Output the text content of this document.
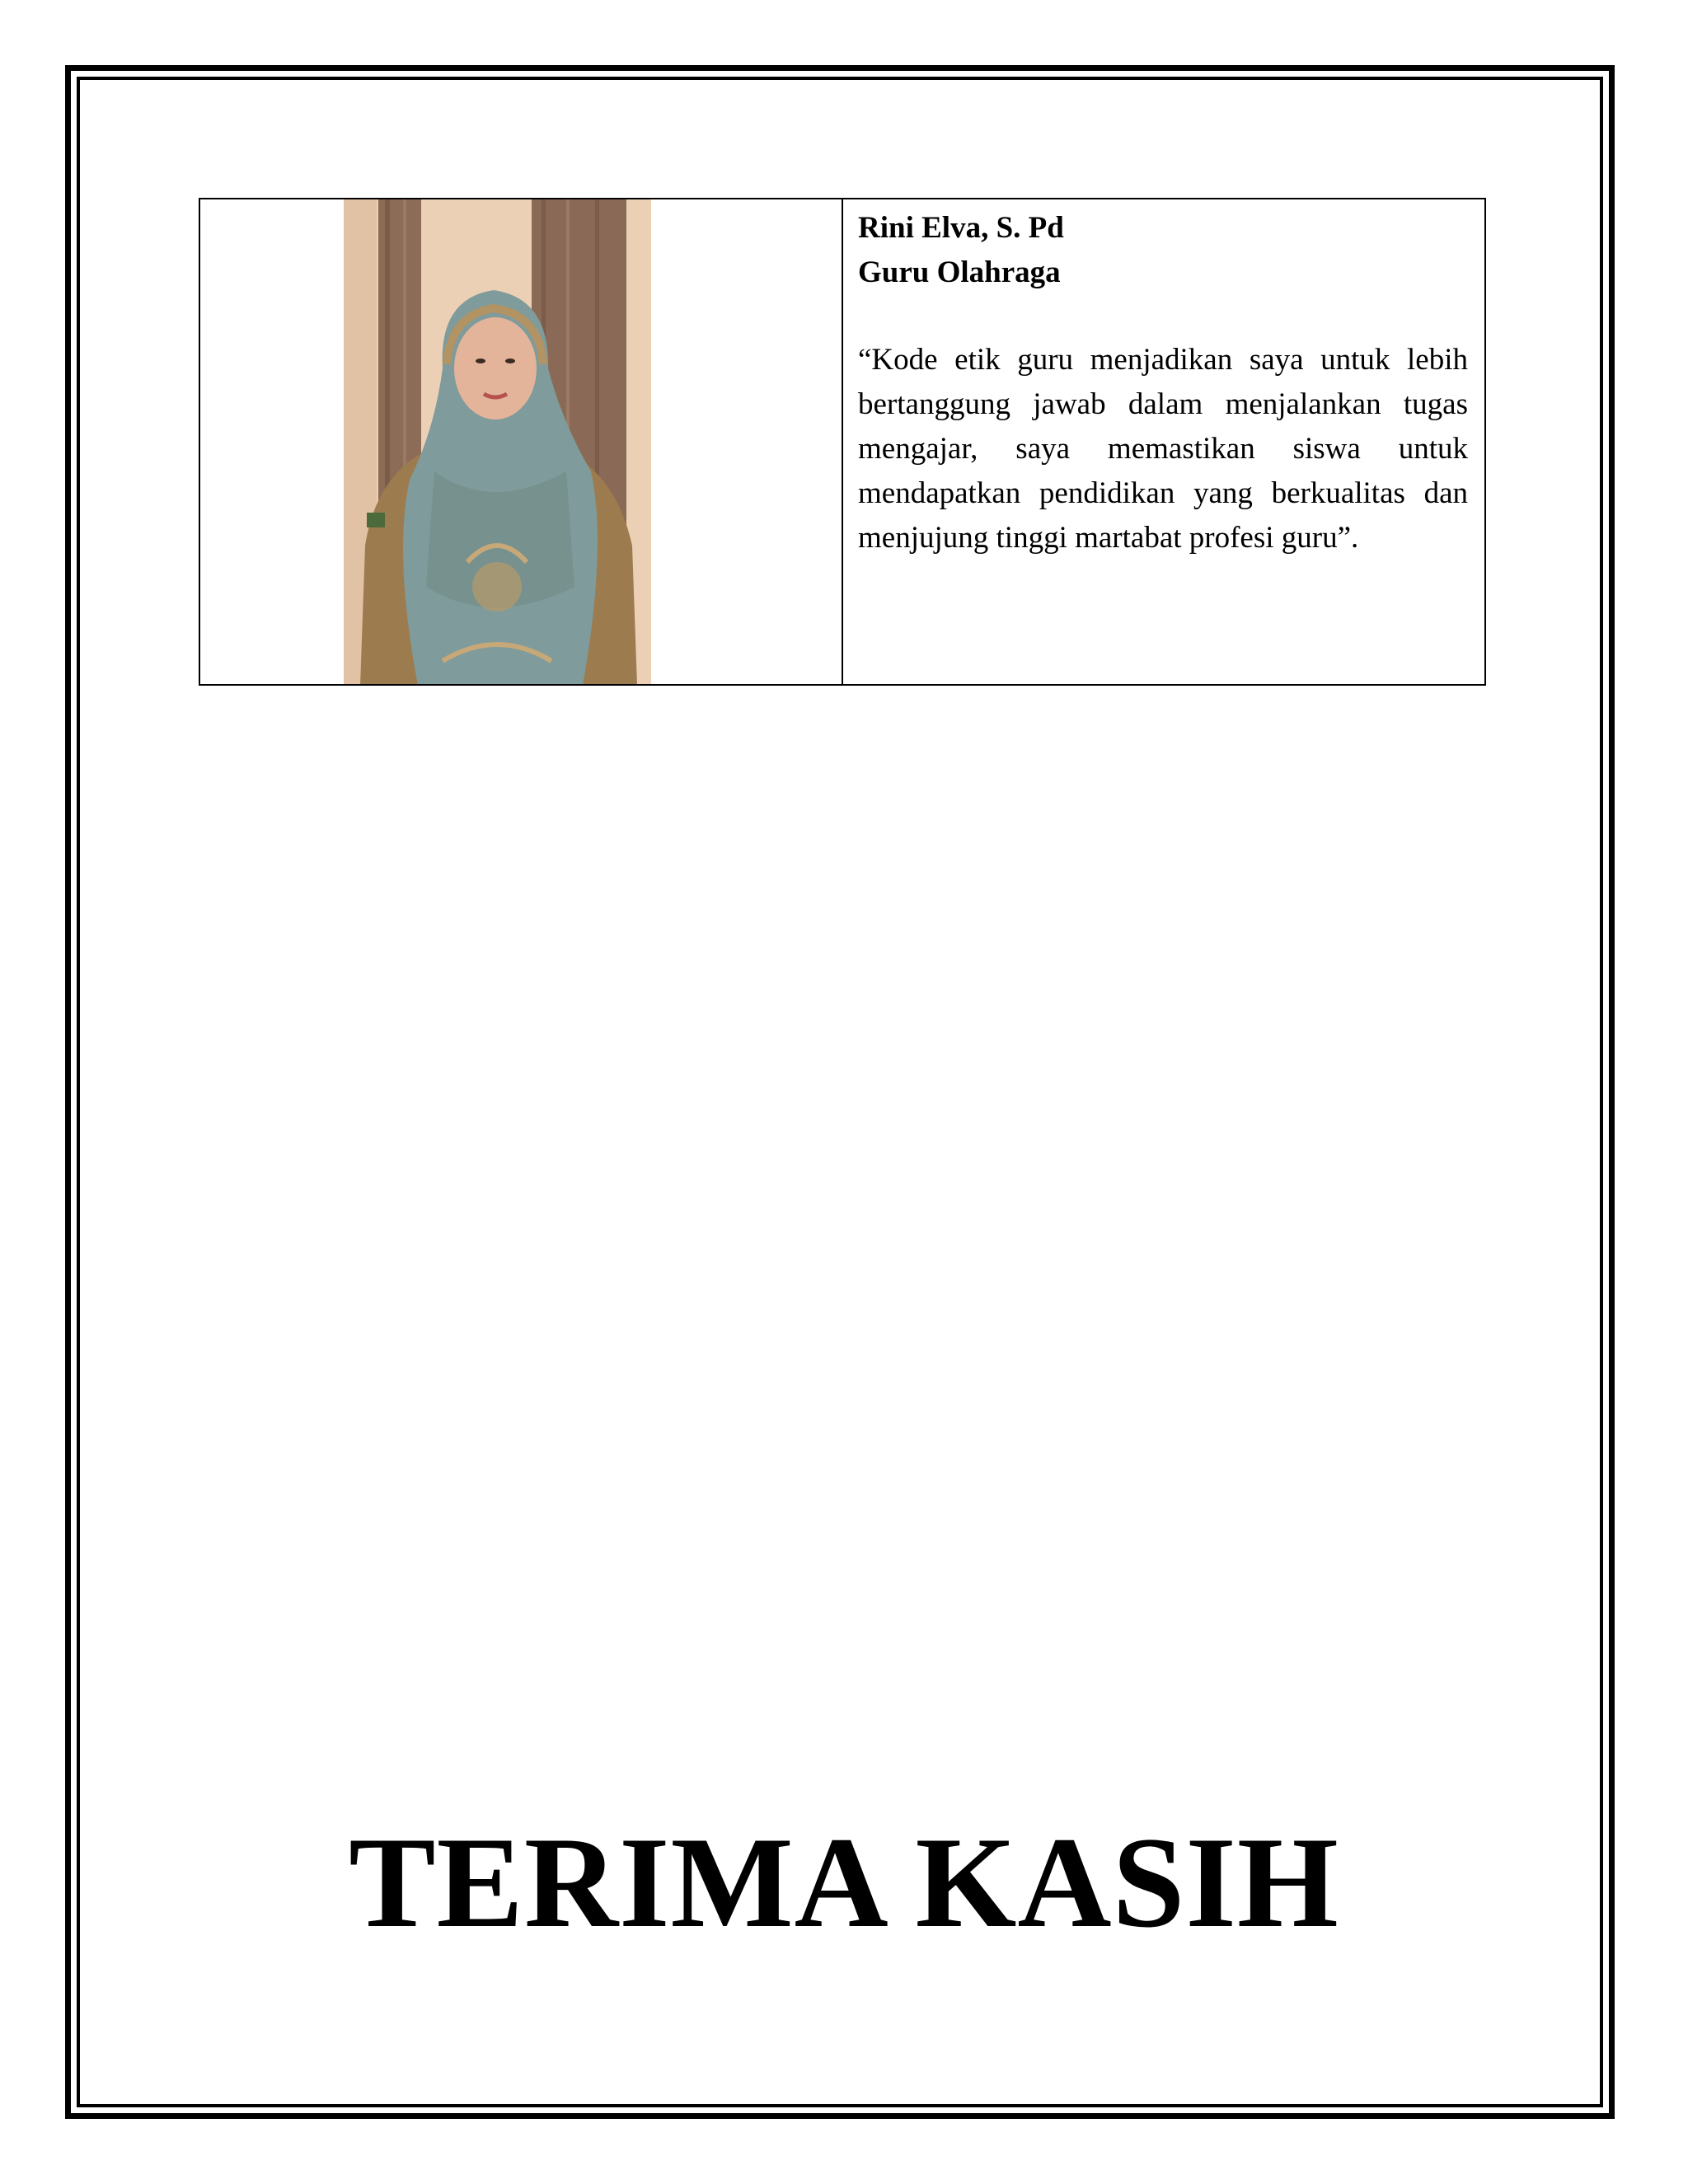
Rini Elva, S. Pd

Guru Olahraga

“Kode etik guru menjadikan saya untuk lebih bertanggung jawab dalam menjalankan tugas mengajar, saya memastikan siswa untuk mendapatkan pendidikan yang berkualitas dan menjujung tinggi martabat profesi guru”.

TERIMA KASIH
